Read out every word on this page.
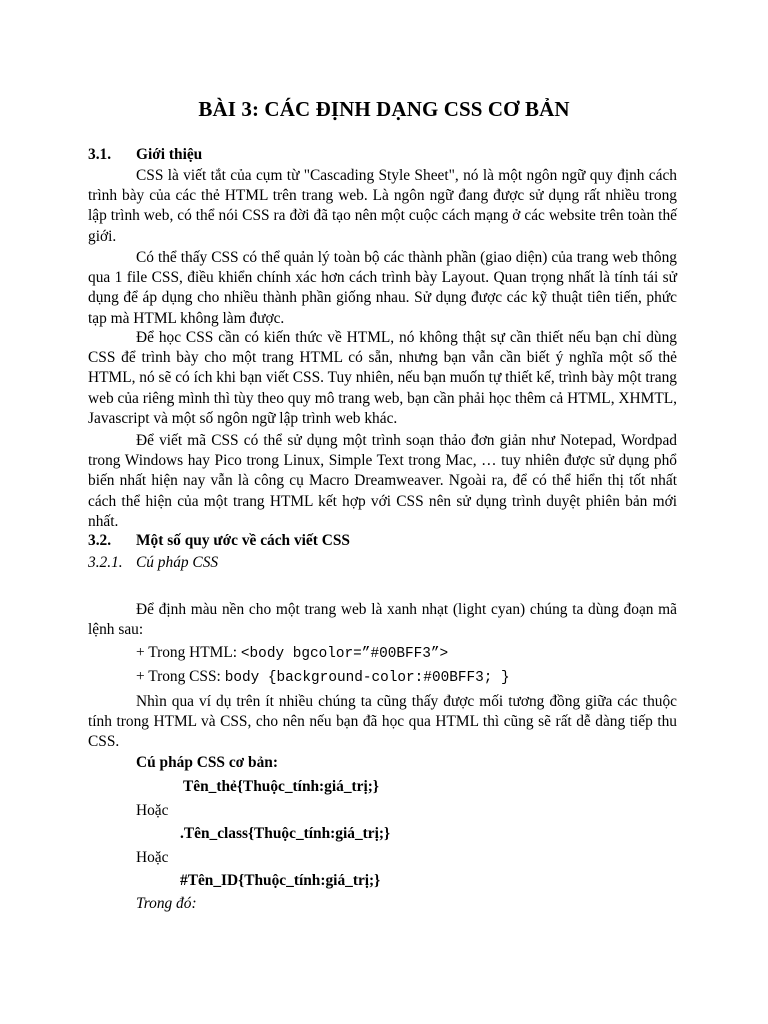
BÀI 3: CÁC ĐỊNH DẠNG CSS CƠ BẢN
3.1. Giới thiệu

CSS là viết tắt của cụm từ "Cascading Style Sheet", nó là một ngôn ngữ quy định cách trình bày của các thẻ HTML trên trang web. Là ngôn ngữ đang được sử dụng rất nhiều trong lập trình web, có thể nói CSS ra đời đã tạo nên một cuộc cách mạng ở các website trên toàn thế giới.

Có thể thấy CSS có thể quản lý toàn bộ các thành phần (giao diện) của trang web thông qua 1 file CSS, điều khiển chính xác hơn cách trình bày Layout. Quan trọng nhất là tính tái sử dụng để áp dụng cho nhiều thành phần giống nhau. Sử dụng được các kỹ thuật tiên tiến, phức tạp mà HTML không làm được.

Để học CSS cần có kiến thức về HTML, nó không thật sự cần thiết nếu bạn chỉ dùng CSS để trình bày cho một trang HTML có sẵn, nhưng bạn vẫn cần biết ý nghĩa một số thẻ HTML, nó sẽ có ích khi bạn viết CSS. Tuy nhiên, nếu bạn muốn tự thiết kế, trình bày một trang web của riêng mình thì tùy theo quy mô trang web, bạn cần phải học thêm cả HTML, XHMTL, Javascript và một số ngôn ngữ lập trình web khác.

Để viết mã CSS có thể sử dụng một trình soạn thảo đơn giản như Notepad, Wordpad trong Windows hay Pico trong Linux, Simple Text trong Mac, … tuy nhiên được sử dụng phổ biến nhất hiện nay vẫn là công cụ Macro Dreamweaver. Ngoài ra, để có thể hiển thị tốt nhất cách thể hiện của một trang HTML kết hợp với CSS nên sử dụng trình duyệt phiên bản mới nhất.

3.2. Một số quy ước về cách viết CSS
3.2.1. Cú pháp CSS

Để định màu nền cho một trang web là xanh nhạt (light cyan) chúng ta dùng đoạn mã lệnh sau:

+ Trong HTML: <body bgcolor=”#00BFF3”>
+ Trong CSS: body {background-color:#00BFF3; }

Nhìn qua ví dụ trên ít nhiều chúng ta cũng thấy được mối tương đồng giữa các thuộc tính trong HTML và CSS, cho nên nếu bạn đã học qua HTML thì cũng sẽ rất dễ dàng tiếp thu CSS.

Cú pháp CSS cơ bản:
Tên_thẻ{Thuộc_tính:giá_trị;}
Hoặc
.Tên_class{Thuộc_tính:giá_trị;}
Hoặc
#Tên_ID{Thuộc_tính:giá_trị;}
Trong đó:
